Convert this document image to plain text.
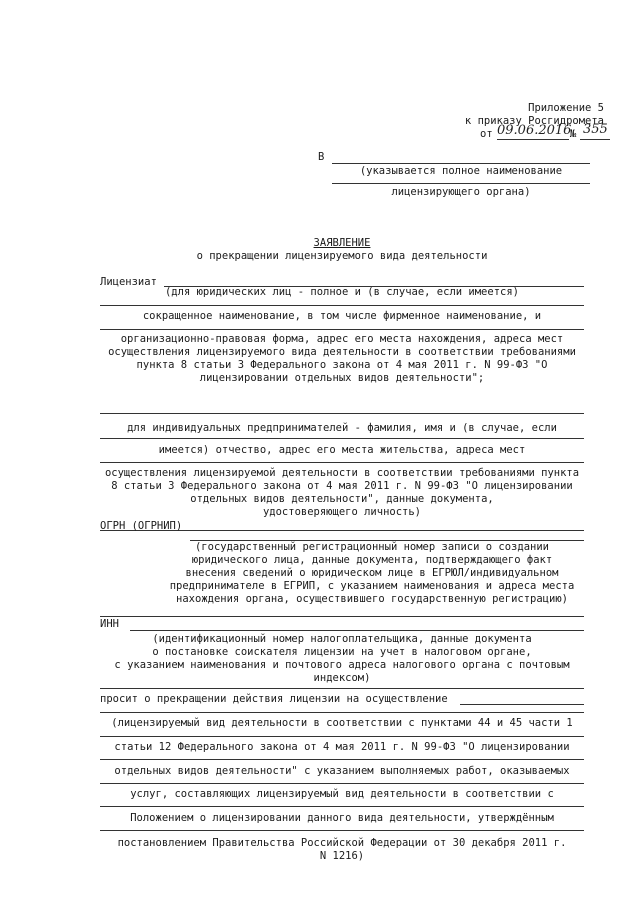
Приложение 5
к приказу Росгидромета
от 09.06.2016
№ 355
В
(указывается полное наименование
лицензирующего органа)
ЗАЯВЛЕНИЕ
о прекращении лицензируемого вида деятельности
Лицензиат
(для юридических лиц - полное и (в случае, если имеется)
сокращенное наименование, в том числе фирменное наименование, и
организационно-правовая форма, адрес его места нахождения, адреса мест
осуществления лицензируемого вида деятельности в соответствии требованиями
пункта 8 статьи 3 Федерального закона от 4 мая 2011 г. N 99-ФЗ "О
лицензировании отдельных видов деятельности";
для индивидуальных предпринимателей - фамилия, имя и (в случае, если
имеется) отчество, адрес его места жительства, адреса мест
осуществления лицензируемой деятельности в соответствии требованиями пункта
8 статьи 3 Федерального закона от 4 мая 2011 г. N 99-ФЗ "О лицензировании
отдельных видов деятельности", данные документа,
удостоверяющего личность)
ОГРН (ОГРНИП)
(государственный регистрационный номер записи о создании
юридического лица, данные документа, подтверждающего факт
внесения сведений о юридическом лице в ЕГРЮЛ/индивидуальном
предпринимателе в ЕГРИП, с указанием наименования и адреса места
нахождения органа, осуществившего государственную регистрацию)
ИНН
(идентификационный номер налогоплательщика, данные документа
о постановке соискателя лицензии на учет в налоговом органе,
с указанием наименования и почтового адреса налогового органа с почтовым
индексом)
просит о прекращении действия лицензии на осуществление
(лицензируемый вид деятельности в соответствии с пунктами 44 и 45 части 1
статьи 12 Федерального закона от 4 мая 2011 г. N 99-ФЗ "О лицензировании
отдельных видов деятельности" с указанием выполняемых работ, оказываемых
услуг, составляющих лицензируемый вид деятельности в соответствии с
Положением о лицензировании данного вида деятельности, утверждённым
постановлением Правительства Российской Федерации от 30 декабря 2011 г.
N 1216)
